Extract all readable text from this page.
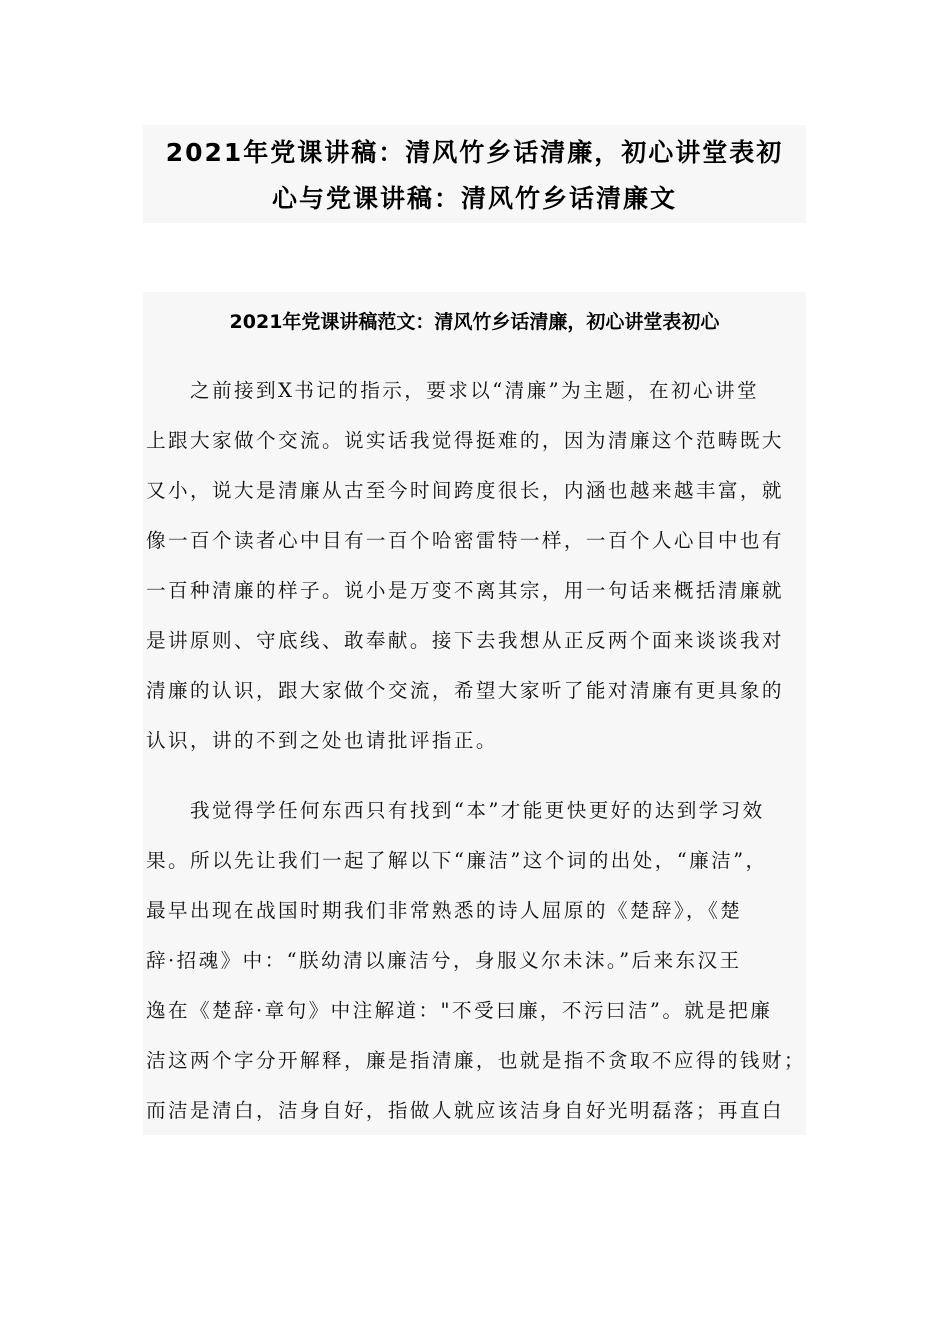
2021年党课讲稿：清风竹乡话清廉，初心讲堂表初
心与党课讲稿：清风竹乡话清廉文
2021年党课讲稿范文：清风竹乡话清廉，初心讲堂表初心
　　之前接到X书记的指示，要求以“清廉”为主题，在初心讲堂
上跟大家做个交流。说实话我觉得挺难的，因为清廉这个范畴既大
又小，说大是清廉从古至今时间跨度很长，内涵也越来越丰富，就
像一百个读者心中目有一百个哈密雷特一样，一百个人心目中也有
一百种清廉的样子。说小是万变不离其宗，用一句话来概括清廉就
是讲原则、守底线、敢奉献。接下去我想从正反两个面来谈谈我对
清廉的认识，跟大家做个交流，希望大家听了能对清廉有更具象的
认识，讲的不到之处也请批评指正。
　　我觉得学任何东西只有找到“本”才能更快更好的达到学习效
果。所以先让我们一起了解以下“廉洁”这个词的出处，“廉洁”，
最早出现在战国时期我们非常熟悉的诗人屈原的《楚辞》，《楚
辞·招魂》中：“朕幼清以廉洁兮，身服义尔未沫。”后来东汉王
逸在《楚辞·章句》中注解道："不受曰廉，不污曰洁”。就是把廉
洁这两个字分开解释，廉是指清廉，也就是指不贪取不应得的钱财；
而洁是清白，洁身自好，指做人就应该洁身自好光明磊落；再直白
